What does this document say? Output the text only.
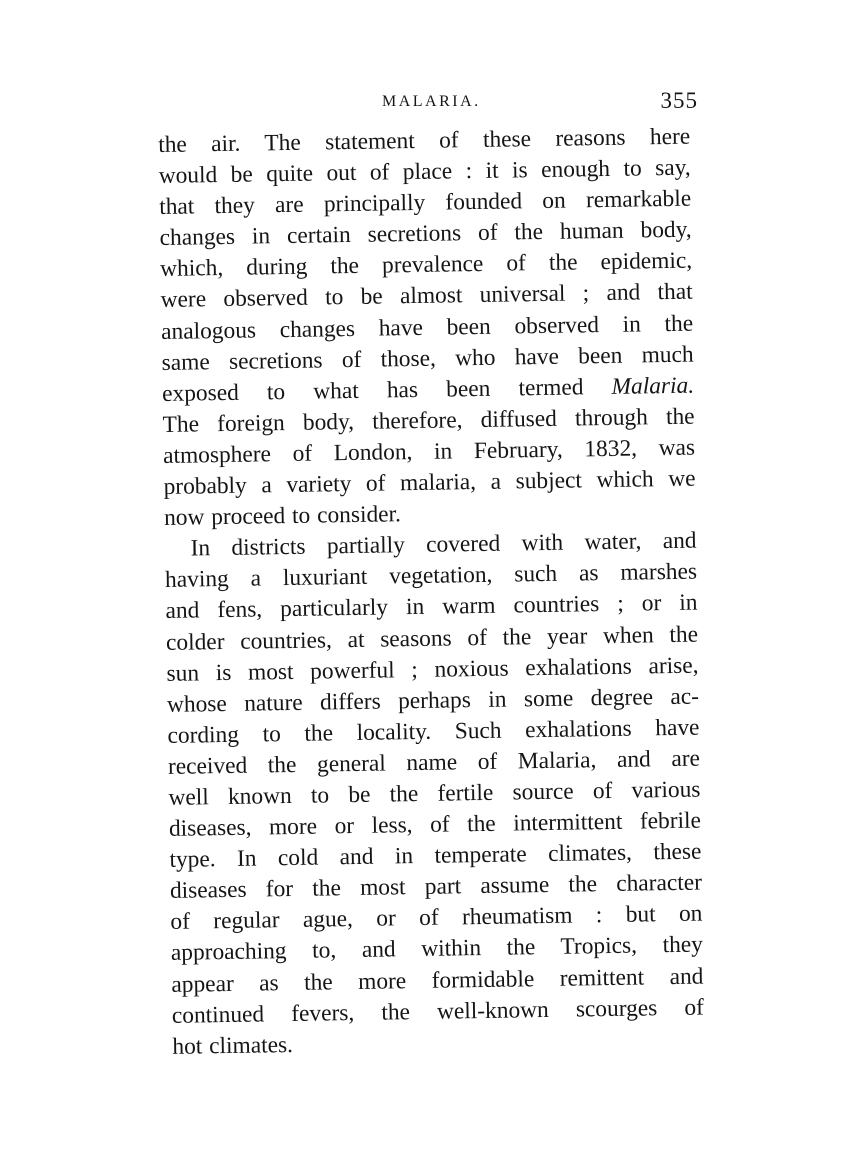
MALARIA.	355
the air. The statement of these reasons here
would be quite out of place : it is enough to say,
that they are principally founded on remarkable
changes in certain secretions of the human body,
which, during the prevalence of the epidemic,
were observed to be almost universal ; and that
analogous changes have been observed in the
same secretions of those, who have been much
exposed to what has been termed Malaria.
The foreign body, therefore, diffused through the
atmosphere of London, in February, 1832, was
probably a variety of malaria, a subject which we
now proceed to consider.
In districts partially covered with water, and
having a luxuriant vegetation, such as marshes
and fens, particularly in warm countries ; or in
colder countries, at seasons of the year when the
sun is most powerful ; noxious exhalations arise,
whose nature differs perhaps in some degree ac-
cording to the locality. Such exhalations have
received the general name of Malaria, and are
well known to be the fertile source of various
diseases, more or less, of the intermittent febrile
type. In cold and in temperate climates, these
diseases for the most part assume the character
of regular ague, or of rheumatism : but on
approaching to, and within the Tropics, they
appear as the more formidable remittent and
continued fevers, the well-known scourges of
hot climates.
